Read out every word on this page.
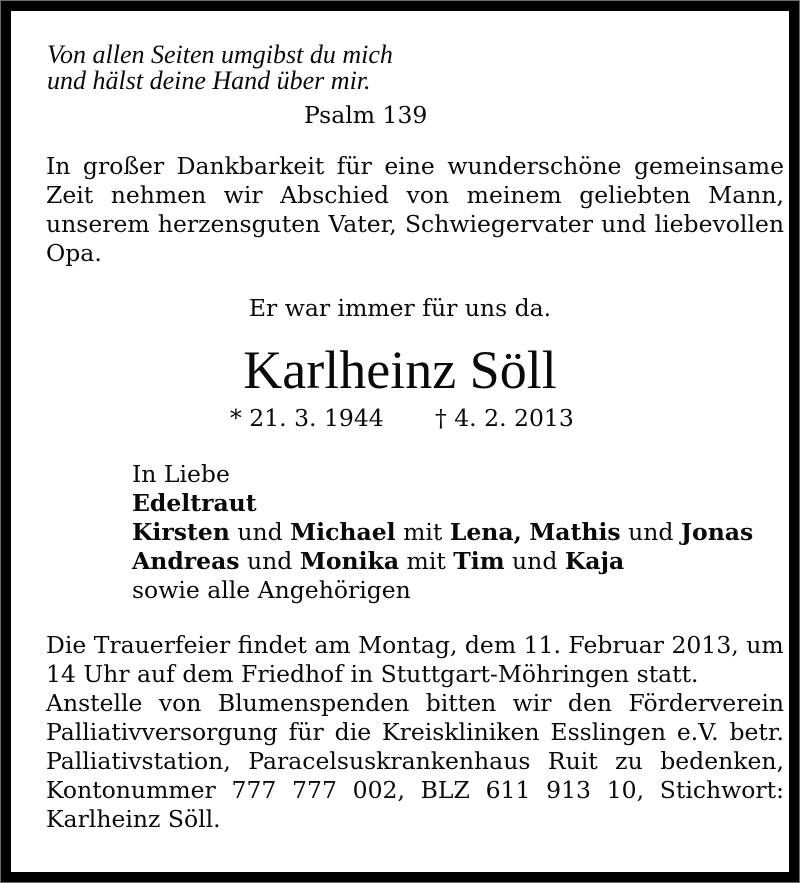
Von allen Seiten umgibst du mich
und hälst deine Hand über mir.
Psalm 139
In großer Dankbarkeit für eine wunderschöne gemeinsame
Zeit nehmen wir Abschied von meinem geliebten Mann,
unserem herzensguten Vater, Schwiegervater und liebevollen
Opa.
Er war immer für uns da.
Karlheinz Söll
* 21. 3. 1944 † 4. 2. 2013
In Liebe
Edeltraut
Kirsten und Michael mit Lena, Mathis und Jonas
Andreas und Monika mit Tim und Kaja
sowie alle Angehörigen
Die Trauerfeier findet am Montag, dem 11. Februar 2013, um
14 Uhr auf dem Friedhof in Stuttgart-Möhringen statt.
Anstelle von Blumenspenden bitten wir den Förderverein
Palliativversorgung für die Kreiskliniken Esslingen e.V. betr.
Palliativstation, Paracelsuskrankenhaus Ruit zu bedenken,
Kontonummer 777 777 002, BLZ 611 913 10, Stichwort:
Karlheinz Söll.
